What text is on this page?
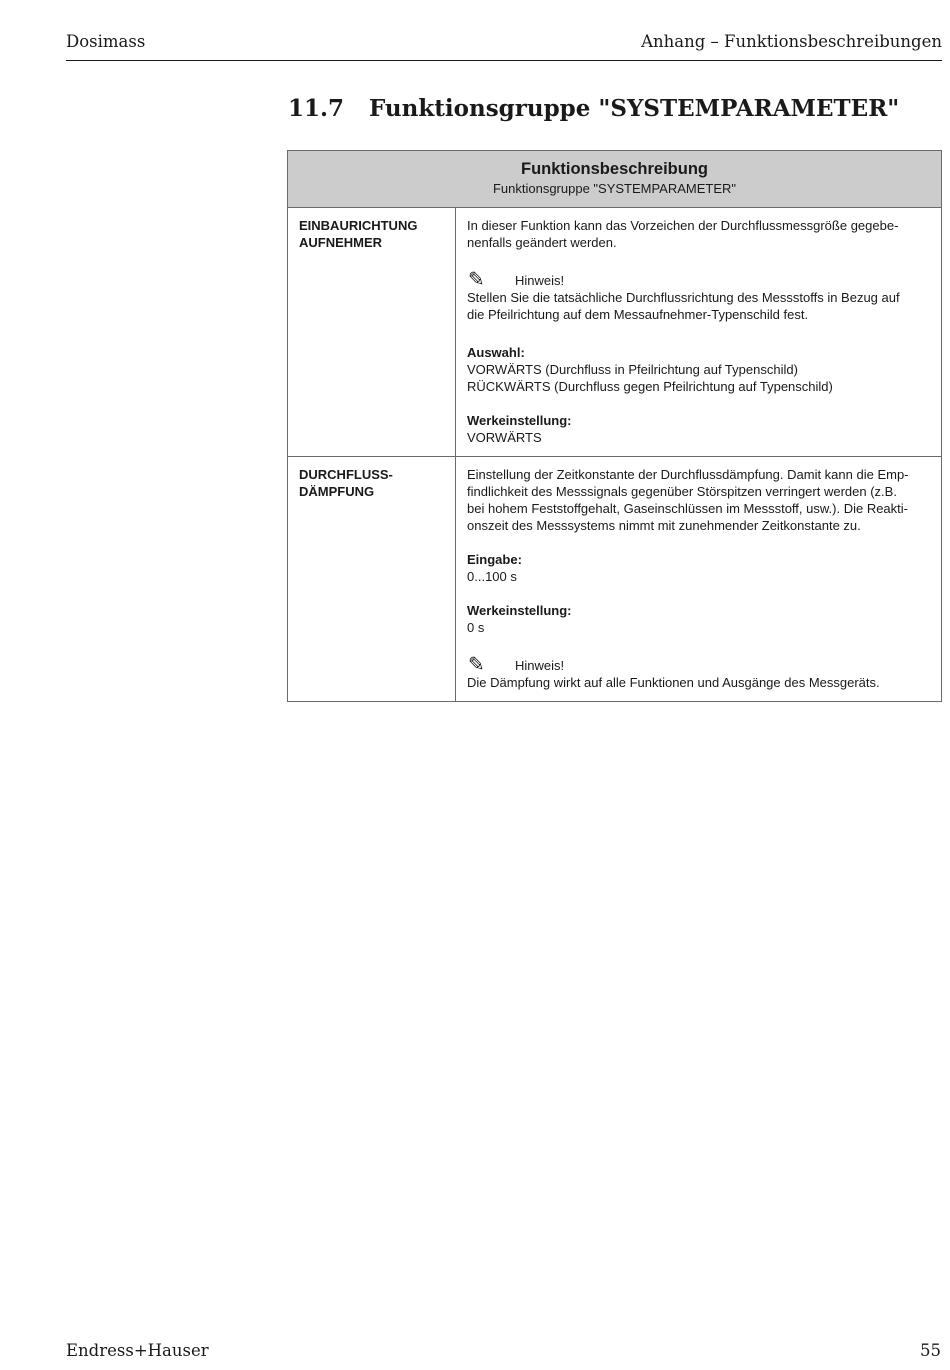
Dosimass	Anhang – Funktionsbeschreibungen
11.7 Funktionsgruppe "SYSTEMPARAMETER"
Funktionsbeschreibung
Funktionsgruppe "SYSTEMPARAMETER"
EINBAURICHTUNG
AUFNEHMER

In dieser Funktion kann das Vorzeichen der Durchflussmessgröße gegebe-

nenfalls geändert werden.

✎ Hinweis!

Stellen Sie die tatsächliche Durchflussrichtung des Messstoffs in Bezug auf

die Pfeilrichtung auf dem Messaufnehmer-Typenschild fest.

Auswahl:

VORWÄRTS (Durchfluss in Pfeilrichtung auf Typenschild)

RÜCKWÄRTS (Durchfluss gegen Pfeilrichtung auf Typenschild)

Werkeinstellung:

VORWÄRTS

DURCHFLUSS-
DÄMPFUNG

Einstellung der Zeitkonstante der Durchflussdämpfung. Damit kann die Emp-

findlichkeit des Messsignals gegenüber Störspitzen verringert werden (z.B.

bei hohem Feststoffgehalt, Gaseinschlüssen im Messstoff, usw.). Die Reakti-

onszeit des Messsystems nimmt mit zunehmender Zeitkonstante zu.

Eingabe:

0...100 s

Werkeinstellung:

0 s

✎ Hinweis!

Die Dämpfung wirkt auf alle Funktionen und Ausgänge des Messgeräts.

Endress+Hauser	55
